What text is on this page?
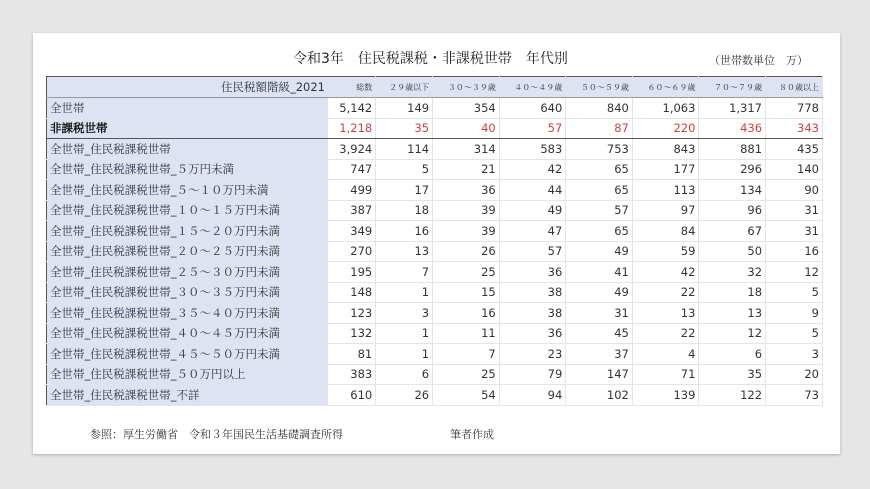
令和3年　住民税課税・非課税世帯　年代別	（世帯数単位　万）
住民税額階級_2021	総数	２９歳以下	３０～３９歳	４０～４９歳	５０～５９歳	６０～６９歳	７０～７９歳	８０歳以上
全世帯	5,142	149	354	640	840	1,063	1,317	778
非課税世帯	1,218	35	40	57	87	220	436	343
全世帯_住民税課税世帯	3,924	114	314	583	753	843	881	435
全世帯_住民税課税世帯_５万円未満	747	5	21	42	65	177	296	140
全世帯_住民税課税世帯_５～１０万円未満	499	17	36	44	65	113	134	90
全世帯_住民税課税世帯_１０～１５万円未満	387	18	39	49	57	97	96	31
全世帯_住民税課税世帯_１５～２０万円未満	349	16	39	47	65	84	67	31
全世帯_住民税課税世帯_２０～２５万円未満	270	13	26	57	49	59	50	16
全世帯_住民税課税世帯_２５～３０万円未満	195	7	25	36	41	42	32	12
全世帯_住民税課税世帯_３０～３５万円未満	148	1	15	38	49	22	18	5
全世帯_住民税課税世帯_３５～４０万円未満	123	3	16	38	31	13	13	9
全世帯_住民税課税世帯_４０～４５万円未満	132	1	11	36	45	22	12	5
全世帯_住民税課税世帯_４５～５０万円未満	81	1	7	23	37	4	6	3
全世帯_住民税課税世帯_５０万円以上	383	6	25	79	147	71	35	20
全世帯_住民税課税世帯_不詳	610	26	54	94	102	139	122	73
参照：厚生労働省　令和３年国民生活基礎調査所得	筆者作成
